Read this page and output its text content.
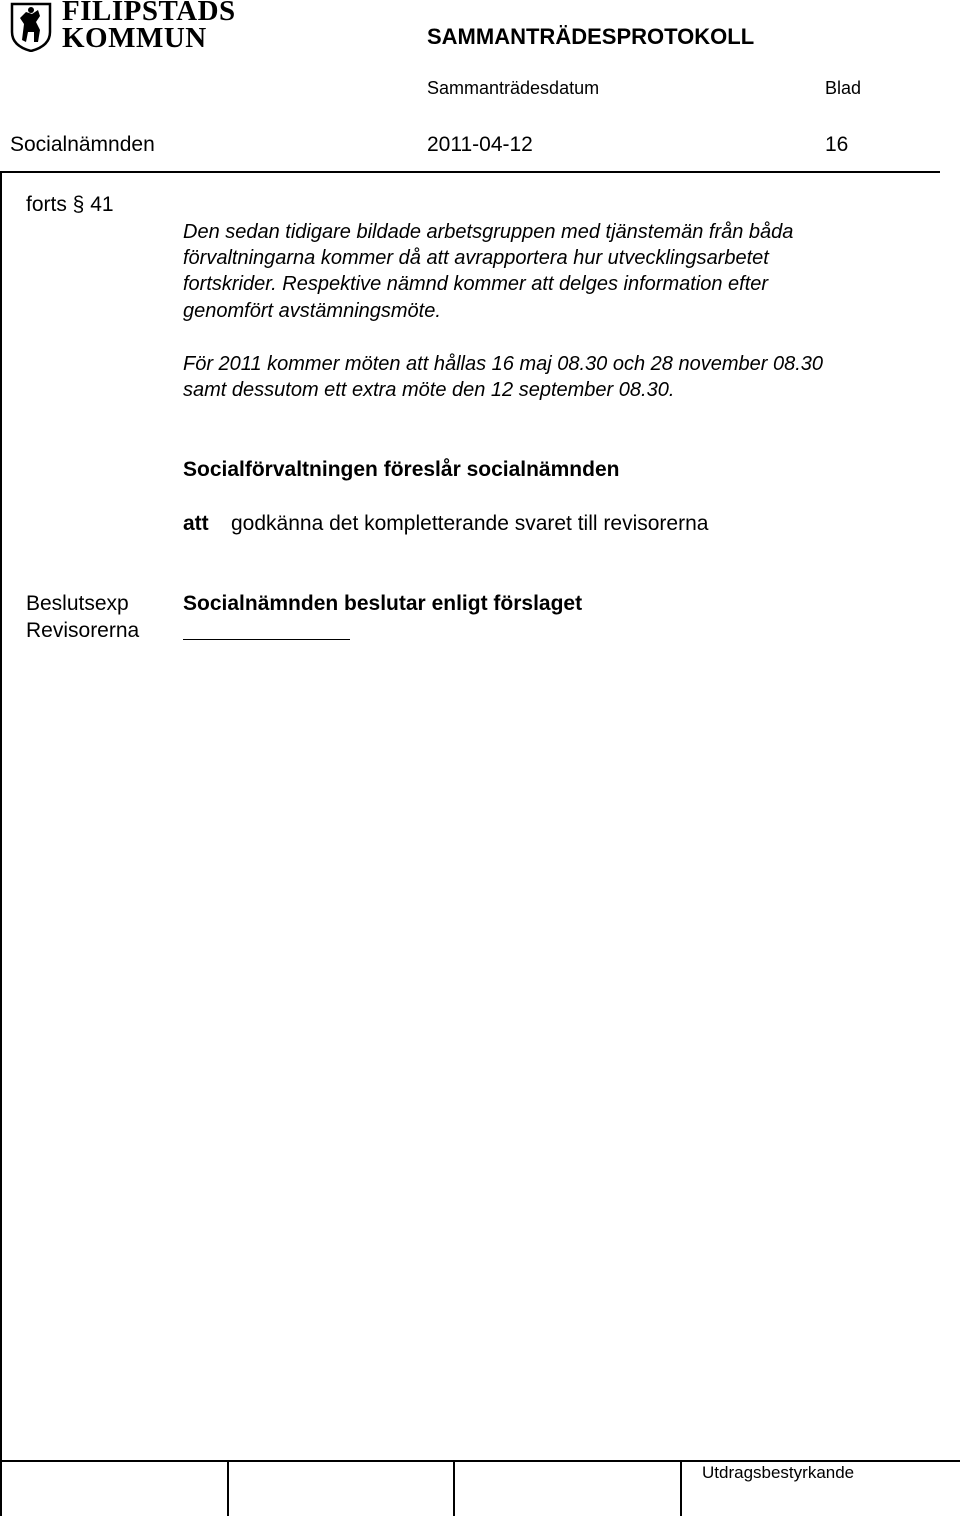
FILIPSTADS
KOMMUN	SAMMANTRÄDESPROTOKOLL
Sammanträdesdatum	Blad
Socialnämnden	2011-04-12	16
forts § 41
Den sedan tidigare bildade arbetsgruppen med tjänstemän från båda
förvaltningarna kommer då att avrapportera hur utvecklingsarbetet
fortskrider. Respektive nämnd kommer att delges information efter
genomfört avstämningsmöte.
För 2011 kommer möten att hållas 16 maj 08.30 och 28 november 08.30
samt dessutom ett extra möte den 12 september 08.30.
Socialförvaltningen föreslår socialnämnden
att godkänna det kompletterande svaret till revisorerna
Beslutsexp
Revisorerna
Socialnämnden beslutar enligt förslaget
Utdragsbestyrkande
